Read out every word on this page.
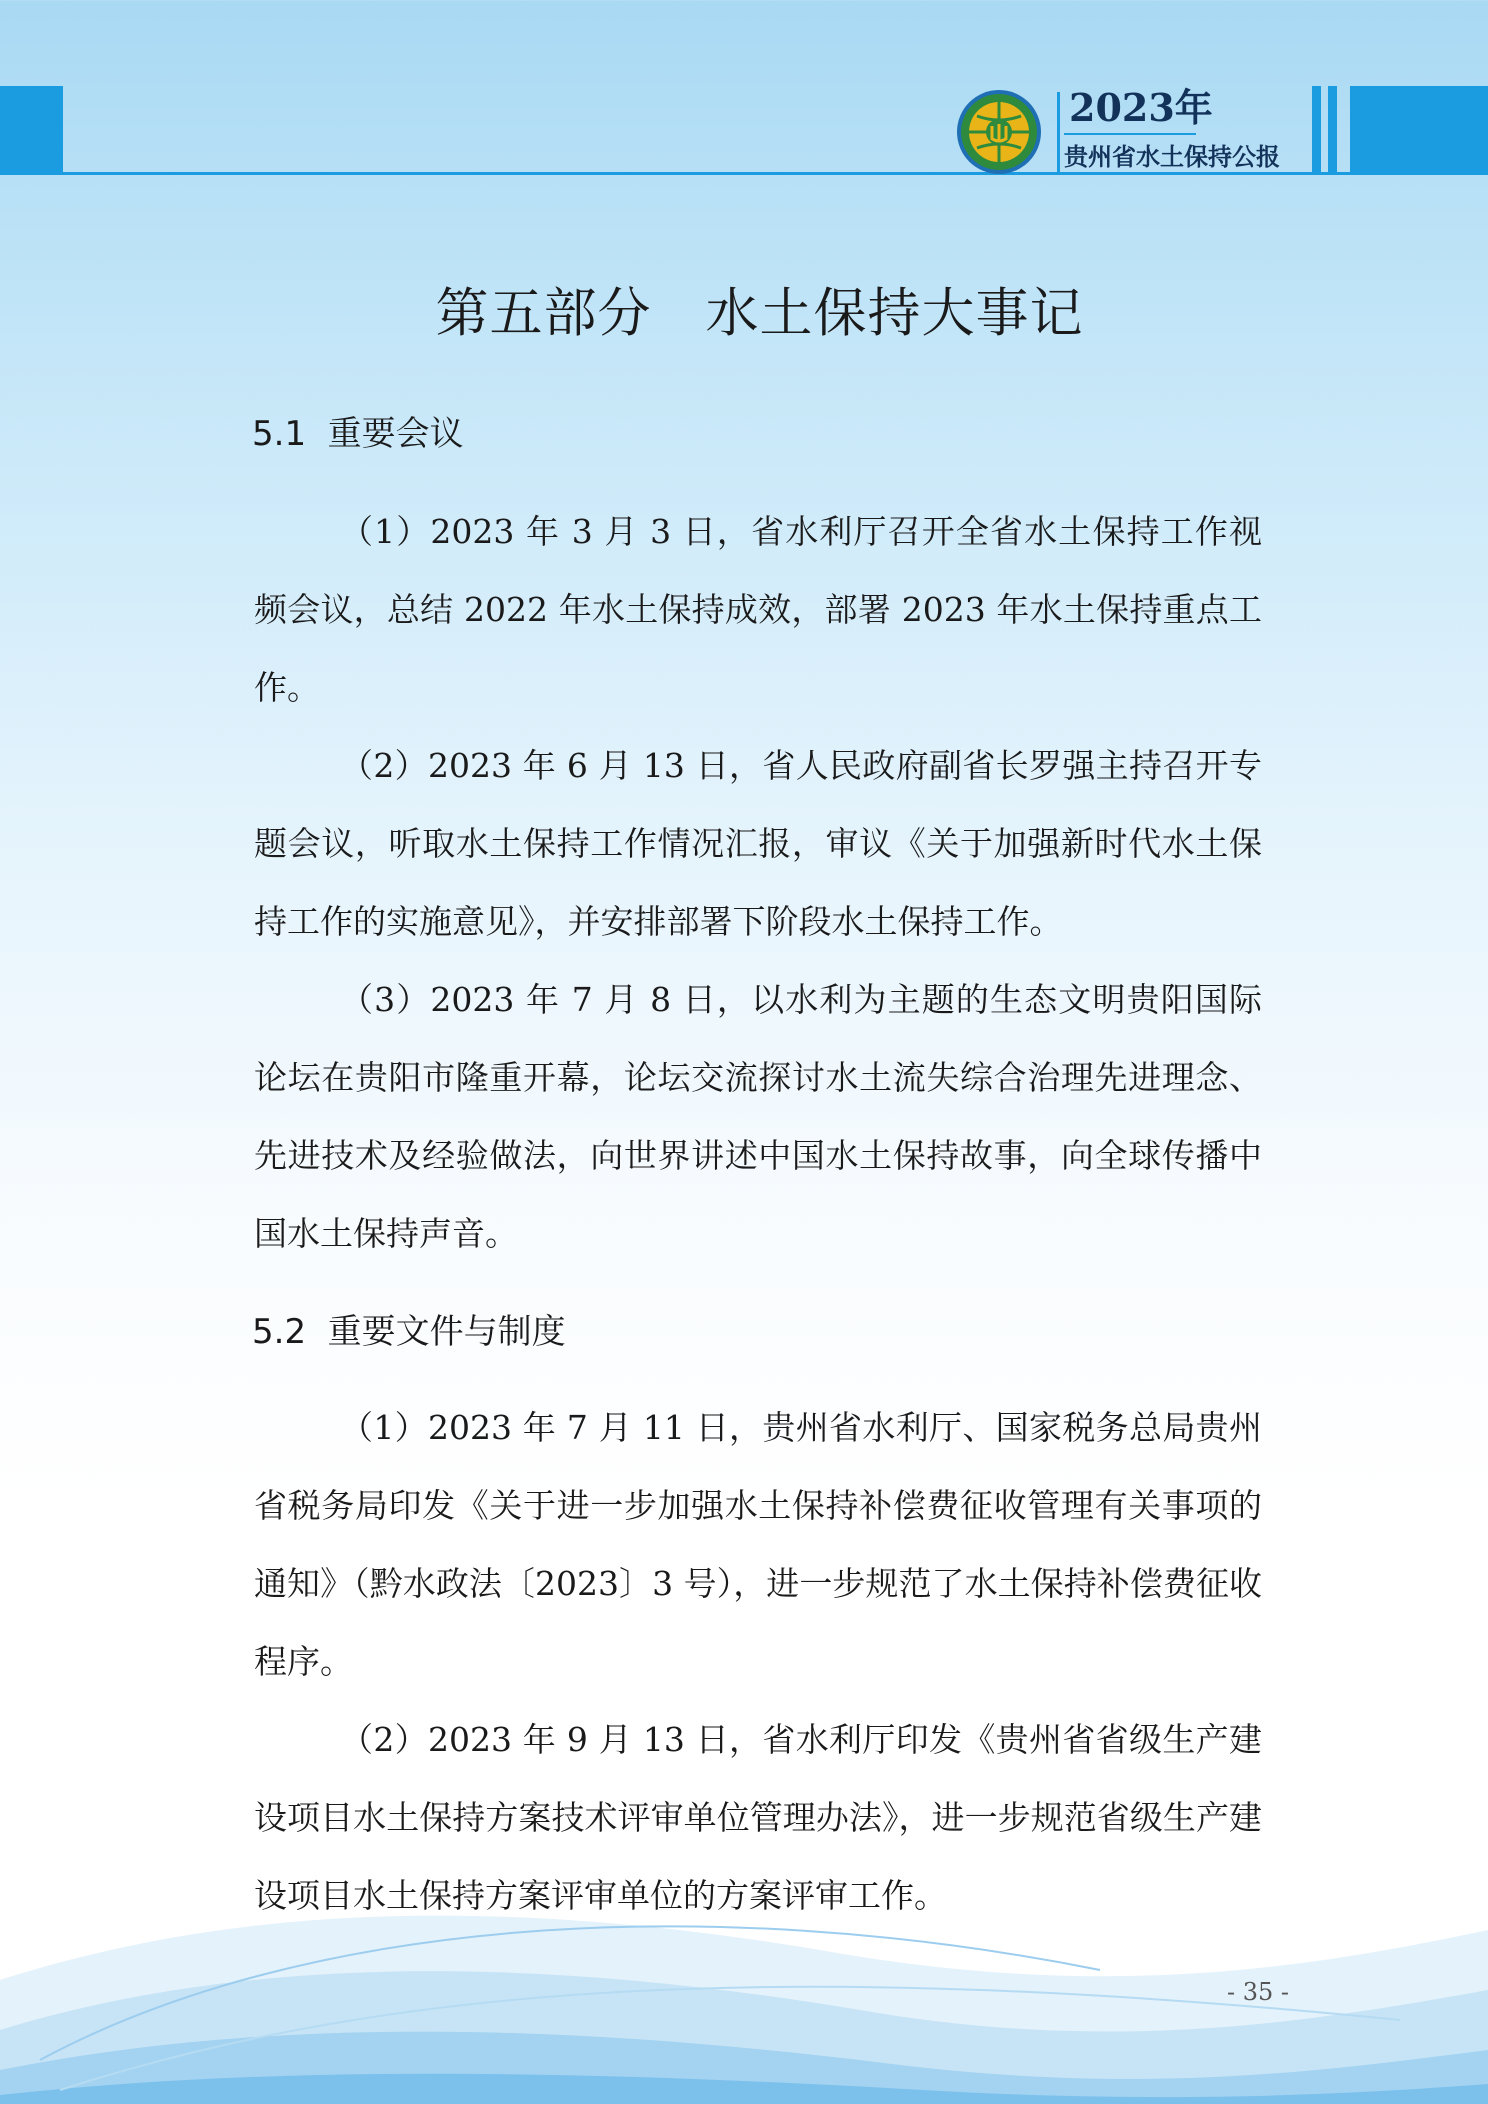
2023年
贵州省水土保持公报
第五部分　水土保持大事记
5.1  重要会议

（1）2023 年 3 月 3 日，省水利厅召开全省水土保持工作视频会议，总结 2022 年水土保持成效，部署 2023 年水土保持重点工作。

（2）2023 年 6 月 13 日，省人民政府副省长罗强主持召开专题会议，听取水土保持工作情况汇报，审议《关于加强新时代水土保持工作的实施意见》，并安排部署下阶段水土保持工作。

（3）2023 年 7 月 8 日，以水利为主题的生态文明贵阳国际论坛在贵阳市隆重开幕，论坛交流探讨水土流失综合治理先进理念、先进技术及经验做法，向世界讲述中国水土保持故事，向全球传播中国水土保持声音。

5.2  重要文件与制度

（1）2023 年 7 月 11 日，贵州省水利厅、国家税务总局贵州省税务局印发《关于进一步加强水土保持补偿费征收管理有关事项的通知》（黔水政法〔2023〕3 号），进一步规范了水土保持补偿费征收程序。

（2）2023 年 9 月 13 日，省水利厅印发《贵州省省级生产建设项目水土保持方案技术评审单位管理办法》，进一步规范省级生产建设项目水土保持方案评审单位的方案评审工作。

- 35 -
